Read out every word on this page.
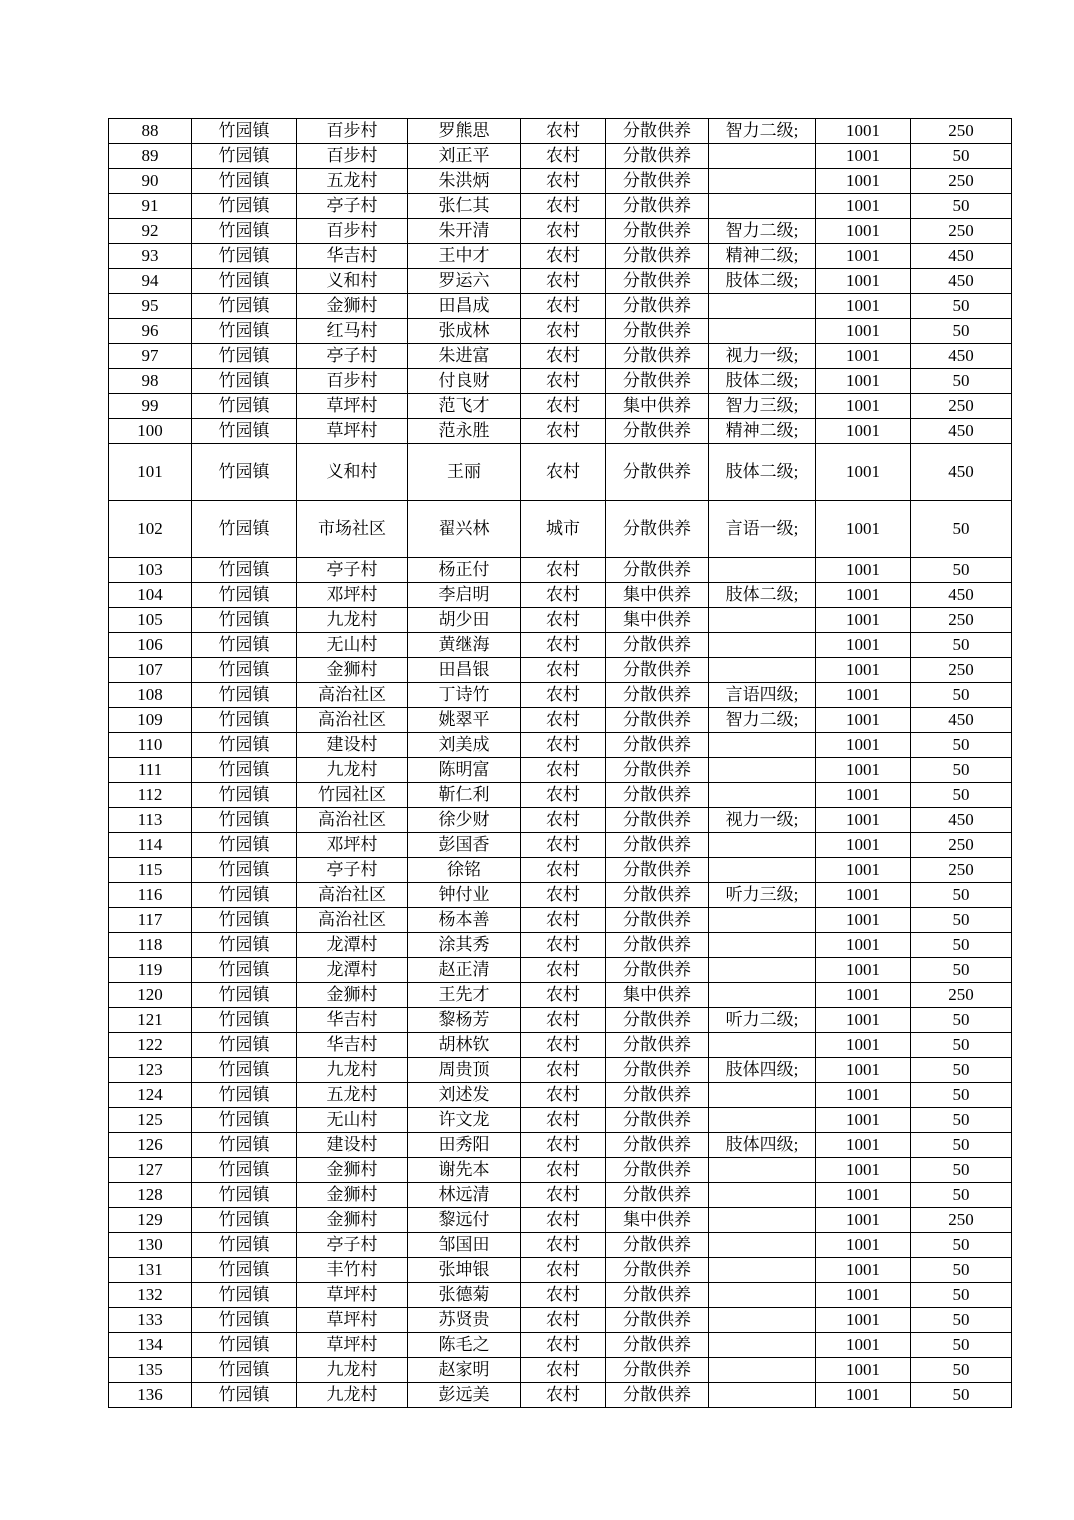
88	竹园镇	百步村	罗熊思	农村	分散供养	智力二级;	1001	250
89	竹园镇	百步村	刘正平	农村	分散供养		1001	50
90	竹园镇	五龙村	朱洪炳	农村	分散供养		1001	250
91	竹园镇	亭子村	张仁其	农村	分散供养		1001	50
92	竹园镇	百步村	朱开清	农村	分散供养	智力二级;	1001	250
93	竹园镇	华吉村	王中才	农村	分散供养	精神二级;	1001	450
94	竹园镇	义和村	罗运六	农村	分散供养	肢体二级;	1001	450
95	竹园镇	金狮村	田昌成	农村	分散供养		1001	50
96	竹园镇	红马村	张成林	农村	分散供养		1001	50
97	竹园镇	亭子村	朱进富	农村	分散供养	视力一级;	1001	450
98	竹园镇	百步村	付良财	农村	分散供养	肢体二级;	1001	50
99	竹园镇	草坪村	范飞才	农村	集中供养	智力三级;	1001	250
100	竹园镇	草坪村	范永胜	农村	分散供养	精神二级;	1001	450
101	竹园镇	义和村	王丽	农村	分散供养	肢体二级;	1001	450
102	竹园镇	市场社区	翟兴林	城市	分散供养	言语一级;	1001	50
103	竹园镇	亭子村	杨正付	农村	分散供养		1001	50
104	竹园镇	邓坪村	李启明	农村	集中供养	肢体二级;	1001	450
105	竹园镇	九龙村	胡少田	农村	集中供养		1001	250
106	竹园镇	无山村	黄继海	农村	分散供养		1001	50
107	竹园镇	金狮村	田昌银	农村	分散供养		1001	250
108	竹园镇	高治社区	丁诗竹	农村	分散供养	言语四级;	1001	50
109	竹园镇	高治社区	姚翠平	农村	分散供养	智力二级;	1001	450
110	竹园镇	建设村	刘美成	农村	分散供养		1001	50
111	竹园镇	九龙村	陈明富	农村	分散供养		1001	50
112	竹园镇	竹园社区	靳仁利	农村	分散供养		1001	50
113	竹园镇	高治社区	徐少财	农村	分散供养	视力一级;	1001	450
114	竹园镇	邓坪村	彭国香	农村	分散供养		1001	250
115	竹园镇	亭子村	徐铭	农村	分散供养		1001	250
116	竹园镇	高治社区	钟付业	农村	分散供养	听力三级;	1001	50
117	竹园镇	高治社区	杨本善	农村	分散供养		1001	50
118	竹园镇	龙潭村	涂其秀	农村	分散供养		1001	50
119	竹园镇	龙潭村	赵正清	农村	分散供养		1001	50
120	竹园镇	金狮村	王先才	农村	集中供养		1001	250
121	竹园镇	华吉村	黎杨芳	农村	分散供养	听力二级;	1001	50
122	竹园镇	华吉村	胡林钦	农村	分散供养		1001	50
123	竹园镇	九龙村	周贵顶	农村	分散供养	肢体四级;	1001	50
124	竹园镇	五龙村	刘述发	农村	分散供养		1001	50
125	竹园镇	无山村	许文龙	农村	分散供养		1001	50
126	竹园镇	建设村	田秀阳	农村	分散供养	肢体四级;	1001	50
127	竹园镇	金狮村	谢先本	农村	分散供养		1001	50
128	竹园镇	金狮村	林远清	农村	分散供养		1001	50
129	竹园镇	金狮村	黎远付	农村	集中供养		1001	250
130	竹园镇	亭子村	邹国田	农村	分散供养		1001	50
131	竹园镇	丰竹村	张坤银	农村	分散供养		1001	50
132	竹园镇	草坪村	张德菊	农村	分散供养		1001	50
133	竹园镇	草坪村	苏贤贵	农村	分散供养		1001	50
134	竹园镇	草坪村	陈毛之	农村	分散供养		1001	50
135	竹园镇	九龙村	赵家明	农村	分散供养		1001	50
136	竹园镇	九龙村	彭远美	农村	分散供养		1001	50
